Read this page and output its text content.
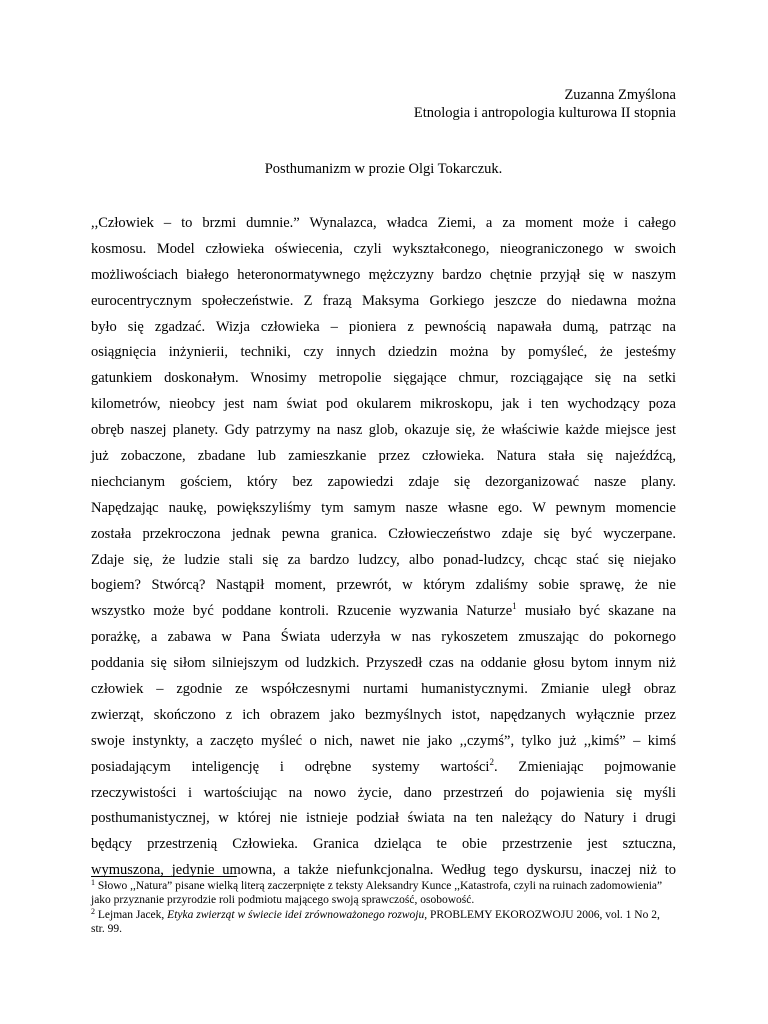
Zuzanna Zmyślona
Etnologia i antropologia kulturowa II stopnia
Posthumanizm w prozie Olgi Tokarczuk.
,,Człowiek – to brzmi dumnie.” Wynalazca, władca Ziemi, a za moment może i całego
kosmosu. Model człowieka oświecenia, czyli wykształconego, nieograniczonego w swoich
możliwościach białego heteronormatywnego mężczyzny bardzo chętnie przyjął się w naszym
eurocentrycznym społeczeństwie. Z frazą Maksyma Gorkiego jeszcze do niedawna można
było się zgadzać. Wizja człowieka – pioniera z pewnością napawała dumą, patrząc na
osiągnięcia inżynierii, techniki, czy innych dziedzin można by pomyśleć, że jesteśmy
gatunkiem doskonałym. Wnosimy metropolie sięgające chmur, rozciągające się na setki
kilometrów, nieobcy jest nam świat pod okularem mikroskopu, jak i ten wychodzący poza
obręb naszej planety. Gdy patrzymy na nasz glob, okazuje się, że właściwie każde miejsce jest
już zobaczone, zbadane lub zamieszkanie przez człowieka. Natura stała się najeźdźcą,
niechcianym gościem, który bez zapowiedzi zdaje się dezorganizować nasze plany.
Napędzając naukę, powiększyliśmy tym samym nasze własne ego. W pewnym momencie
została przekroczona jednak pewna granica. Człowieczeństwo zdaje się być wyczerpane.
Zdaje się, że ludzie stali się za bardzo ludzcy, albo ponad-ludzcy, chcąc stać się niejako
bogiem? Stwórcą? Nastąpił moment, przewrót, w którym zdaliśmy sobie sprawę, że nie
wszystko może być poddane kontroli. Rzucenie wyzwania Naturze$^1$ musiało być skazane na
porażkę, a zabawa w Pana Świata uderzyła w nas rykoszetem zmuszając do pokornego
poddania się siłom silniejszym od ludzkich. Przyszedł czas na oddanie głosu bytom innym niż
człowiek – zgodnie ze współczesnymi nurtami humanistycznymi. Zmianie uległ obraz
zwierząt, skończono z ich obrazem jako bezmyślnych istot, napędzanych wyłącznie przez
swoje instynkty, a zaczęto myśleć o nich, nawet nie jako ,,czymś”, tylko już ,,kimś” – kimś
posiadającym inteligencję i odrębne systemy wartości$^2$. Zmieniając pojmowanie
rzeczywistości i wartościując na nowo życie, dano przestrzeń do pojawienia się myśli
posthumanistycznej, w której nie istnieje podział świata na ten należący do Natury i drugi
będący przestrzenią Człowieka. Granica dzieląca te obie przestrzenie jest sztuczna,
wymuszona, jedynie umowna, a także niefunkcjonalna. Według tego dyskursu, inaczej niż to
$^1$ Słowo ,,Natura” pisane wielką literą zaczerpnięte z teksty Aleksandry Kunce ,,Katastrofa, czyli na ruinach zadomowienia” jako przyznanie przyrodzie roli podmiotu mającego swoją sprawczość, osobowość.
$^2$ Lejman Jacek, Etyka zwierząt w świecie idei zrównoważonego rozwoju, PROBLEMY EKOROZWOJU 2006, vol. 1 No 2, str. 99.
